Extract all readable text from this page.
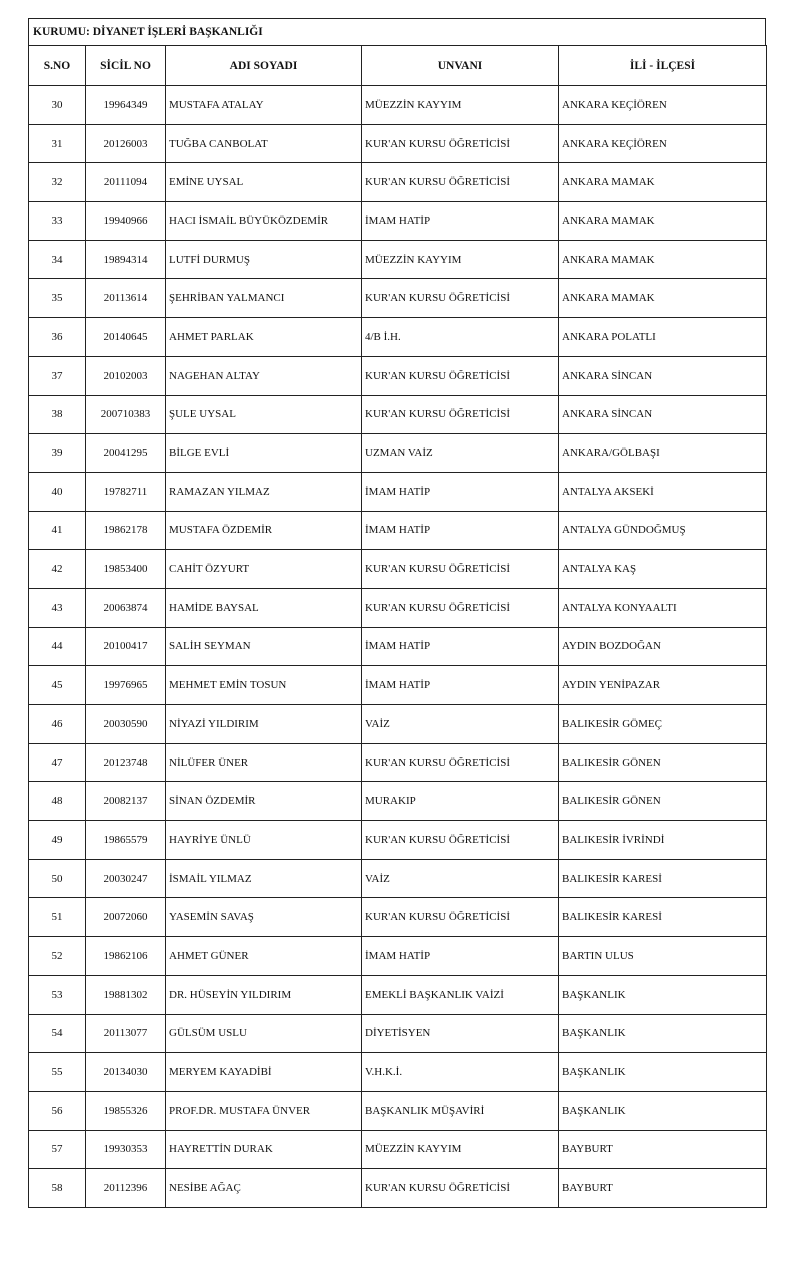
KURUMU: DİYANET İŞLERİ BAŞKANLIĞI
S.NO	SİCİL NO	ADI SOYADI	UNVANI	İLİ - İLÇESİ
30	19964349	MUSTAFA ATALAY	MÜEZZİN KAYYIM	ANKARA KEÇİÖREN
31	20126003	TUĞBA CANBOLAT	KUR'AN KURSU ÖĞRETİCİSİ	ANKARA KEÇİÖREN
32	20111094	EMİNE UYSAL	KUR'AN KURSU ÖĞRETİCİSİ	ANKARA MAMAK
33	19940966	HACI İSMAİL BÜYÜKÖZDEMİR	İMAM HATİP	ANKARA MAMAK
34	19894314	LUTFİ DURMUŞ	MÜEZZİN KAYYIM	ANKARA MAMAK
35	20113614	ŞEHRİBAN YALMANCI	KUR'AN KURSU ÖĞRETİCİSİ	ANKARA MAMAK
36	20140645	AHMET PARLAK	4/B İ.H.	ANKARA POLATLI
37	20102003	NAGEHAN ALTAY	KUR'AN KURSU ÖĞRETİCİSİ	ANKARA SİNCAN
38	200710383	ŞULE UYSAL	KUR'AN KURSU ÖĞRETİCİSİ	ANKARA SİNCAN
39	20041295	BİLGE EVLİ	UZMAN VAİZ	ANKARA/GÖLBAŞI
40	19782711	RAMAZAN YILMAZ	İMAM HATİP	ANTALYA AKSEKİ
41	19862178	MUSTAFA ÖZDEMİR	İMAM HATİP	ANTALYA GÜNDOĞMUŞ
42	19853400	CAHİT ÖZYURT	KUR'AN KURSU ÖĞRETİCİSİ	ANTALYA KAŞ
43	20063874	HAMİDE BAYSAL	KUR'AN KURSU ÖĞRETİCİSİ	ANTALYA KONYAALTI
44	20100417	SALİH SEYMAN	İMAM HATİP	AYDIN BOZDOĞAN
45	19976965	MEHMET EMİN TOSUN	İMAM HATİP	AYDIN YENİPAZAR
46	20030590	NİYAZİ YILDIRIM	VAİZ	BALIKESİR GÖMEÇ
47	20123748	NİLÜFER ÜNER	KUR'AN KURSU ÖĞRETİCİSİ	BALIKESİR GÖNEN
48	20082137	SİNAN ÖZDEMİR	MURAKIP	BALIKESİR GÖNEN
49	19865579	HAYRİYE ÜNLÜ	KUR'AN KURSU ÖĞRETİCİSİ	BALIKESİR İVRİNDİ
50	20030247	İSMAİL YILMAZ	VAİZ	BALIKESİR KARESİ
51	20072060	YASEMİN SAVAŞ	KUR'AN KURSU ÖĞRETİCİSİ	BALIKESİR KARESİ
52	19862106	AHMET GÜNER	İMAM HATİP	BARTIN ULUS
53	19881302	DR. HÜSEYİN YILDIRIM	EMEKLİ BAŞKANLIK VAİZİ	BAŞKANLIK
54	20113077	GÜLSÜM USLU	DİYETİSYEN	BAŞKANLIK
55	20134030	MERYEM KAYADİBİ	V.H.K.İ.	BAŞKANLIK
56	19855326	PROF.DR. MUSTAFA ÜNVER	BAŞKANLIK MÜŞAVİRİ	BAŞKANLIK
57	19930353	HAYRETTİN DURAK	MÜEZZİN KAYYIM	BAYBURT
58	20112396	NESİBE AĞAÇ	KUR'AN KURSU ÖĞRETİCİSİ	BAYBURT
